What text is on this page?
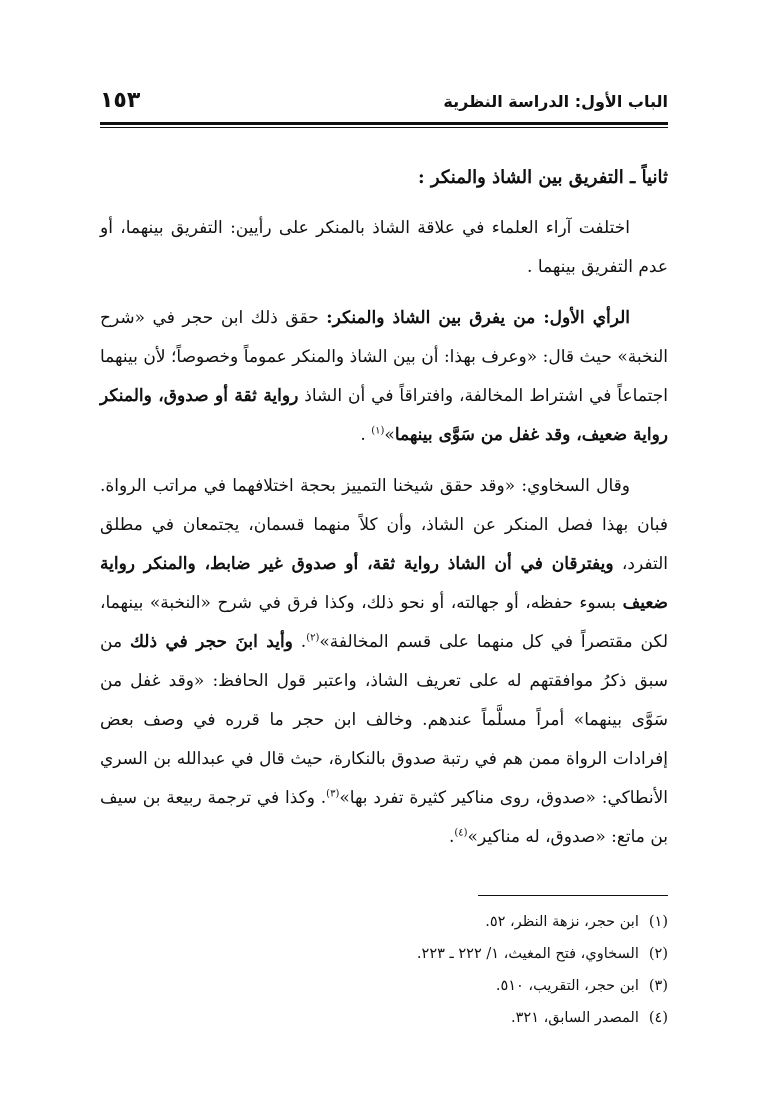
الباب الأول: الدراسة النظرية
١٥٣

ثانياً ـ التفريق بين الشاذ والمنكر :

اختلفت آراء العلماء في علاقة الشاذ بالمنكر على رأيين: التفريق بينهما، أو عدم التفريق بينهما .

الرأي الأول: من يفرق بين الشاذ والمنكر: حقق ذلك ابن حجر في «شرح النخبة» حيث قال: «وعرف بهذا: أن بين الشاذ والمنكر عموماً وخصوصاً؛ لأن بينهما اجتماعاً في اشتراط المخالفة، وافتراقاً في أن الشاذ رواية ثقة أو صدوق، والمنكر رواية ضعيف، وقد غفل من سَوَّى بينهما»$^{(١)}$ .

وقال السخاوي: «وقد حقق شيخنا التمييز بحجة اختلافهما في مراتب الرواة. فبان بهذا فصل المنكر عن الشاذ، وأن كلاً منهما قسمان، يجتمعان في مطلق التفرد، ويفترقان في أن الشاذ رواية ثقة، أو صدوق غير ضابط، والمنكر رواية ضعيف بسوء حفظه، أو جهالته، أو نحو ذلك، وكذا فرق في شرح «النخبة» بينهما، لكن مقتصراً في كل منهما على قسم المخالفة»$^{(٢)}$. وأيد ابنَ حجر في ذلك من سبق ذكرُ موافقتهم له على تعريف الشاذ، واعتبر قول الحافظ: «وقد غفل من سَوَّى بينهما» أمراً مسلَّماً عندهم. وخالف ابن حجر ما قرره في وصف بعض إفرادات الرواة ممن هم في رتبة صدوق بالنكارة، حيث قال في عبدالله بن السري الأنطاكي: «صدوق، روى مناكير كثيرة تفرد بها»$^{(٣)}$. وكذا في ترجمة ربيعة بن سيف بن ماتع: «صدوق، له مناكير»$^{(٤)}$.

(١)ابن حجر، نزهة النظر، ٥٢.

(٢)السخاوي، فتح المغيث، ١/ ٢٢٢ ـ ٢٢٣.

(٣)ابن حجر، التقريب، ٥١٠.

(٤)المصدر السابق، ٣٢١.
